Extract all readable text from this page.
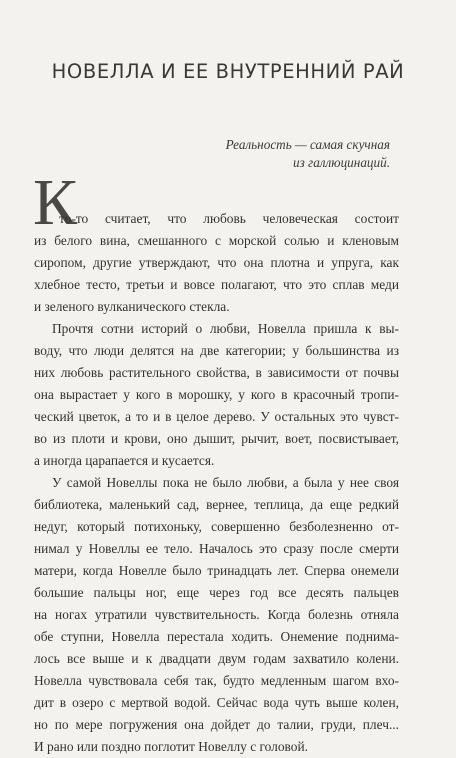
НОВЕЛЛА И ЕЕ ВНУТРЕННИЙ РАЙ
Реальность — самая скучная
из галлюцинаций.
К
то-то считает, что любовь человеческая состоит
из белого вина, смешанного с морской солью и кленовым
сиропом, другие утверждают, что она плотна и упруга, как
хлебное тесто, третьи и вовсе полагают, что это сплав меди
и зеленого вулканического стекла.
Прочтя сотни историй о любви, Новелла пришла к вы-
воду, что люди делятся на две категории; у большинства из
них любовь растительного свойства, в зависимости от почвы
она вырастает у кого в морошку, у кого в красочный тропи-
ческий цветок, а то и в целое дерево. У остальных это чувст-
во из плоти и крови, оно дышит, рычит, воет, посвистывает,
а иногда царапается и кусается.
У самой Новеллы пока не было любви, а была у нее своя
библиотека, маленький сад, вернее, теплица, да еще редкий
недуг, который потихоньку, совершенно безболезненно от-
нимал у Новеллы ее тело. Началось это сразу после смерти
матери, когда Новелле было тринадцать лет. Сперва онемели
большие пальцы ног, еще через год все десять пальцев
на ногах утратили чувствительность. Когда болезнь отняла
обе ступни, Новелла перестала ходить. Онемение поднима-
лось все выше и к двадцати двум годам захватило колени.
Новелла чувствовала себя так, будто медленным шагом вхо-
дит в озеро с мертвой водой. Сейчас вода чуть выше колен,
но по мере погружения она дойдет до талии, груди, плеч...
И рано или поздно поглотит Новеллу с головой.
